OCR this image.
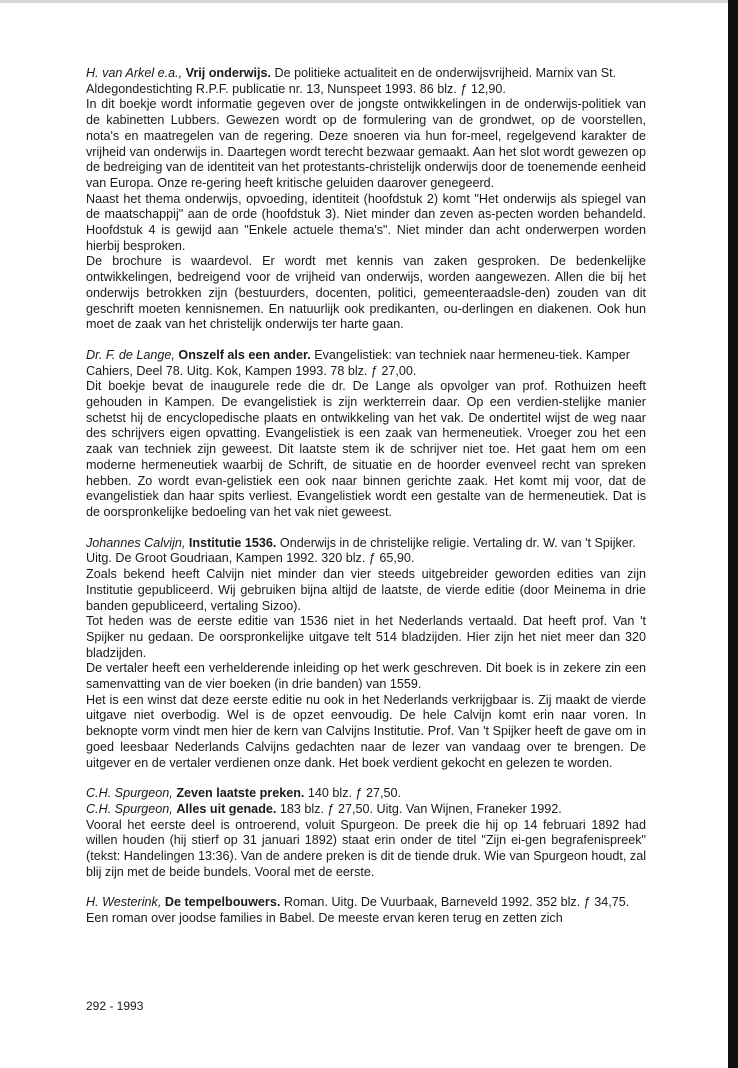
H. van Arkel e.a., Vrij onderwijs. De politieke actualiteit en de onderwijsvrijheid. Marnix van St. Aldegondestichting R.P.F. publicatie nr. 13, Nunspeet 1993. 86 blz. ƒ 12,90.

In dit boekje wordt informatie gegeven over de jongste ontwikkelingen in de onderwijs-politiek van de kabinetten Lubbers. Gewezen wordt op de formulering van de grondwet, op de voorstellen, nota's en maatregelen van de regering. Deze snoeren via hun for-meel, regelgevend karakter de vrijheid van onderwijs in. Daartegen wordt terecht bezwaar gemaakt. Aan het slot wordt gewezen op de bedreiging van de identiteit van het protestants-christelijk onderwijs door de toenemende eenheid van Europa. Onze re-gering heeft kritische geluiden daarover genegeerd.

Naast het thema onderwijs, opvoeding, identiteit (hoofdstuk 2) komt "Het onderwijs als spiegel van de maatschappij" aan de orde (hoofdstuk 3). Niet minder dan zeven as-pecten worden behandeld. Hoofdstuk 4 is gewijd aan "Enkele actuele thema's". Niet minder dan acht onderwerpen worden hierbij besproken.

De brochure is waardevol. Er wordt met kennis van zaken gesproken. De bedenkelijke ontwikkelingen, bedreigend voor de vrijheid van onderwijs, worden aangewezen. Allen die bij het onderwijs betrokken zijn (bestuurders, docenten, politici, gemeenteraadsle-den) zouden van dit geschrift moeten kennisnemen. En natuurlijk ook predikanten, ou-derlingen en diakenen. Ook hun moet de zaak van het christelijk onderwijs ter harte gaan.

Dr. F. de Lange, Onszelf als een ander. Evangelistiek: van techniek naar hermeneu-tiek. Kamper Cahiers, Deel 78. Uitg. Kok, Kampen 1993. 78 blz. ƒ 27,00.

Dit boekje bevat de inaugurele rede die dr. De Lange als opvolger van prof. Rothuizen heeft gehouden in Kampen. De evangelistiek is zijn werkterrein daar. Op een verdien-stelijke manier schetst hij de encyclopedische plaats en ontwikkeling van het vak. De ondertitel wijst de weg naar des schrijvers eigen opvatting. Evangelistiek is een zaak van hermeneutiek. Vroeger zou het een zaak van techniek zijn geweest. Dit laatste stem ik de schrijver niet toe. Het gaat hem om een moderne hermeneutiek waarbij de Schrift, de situatie en de hoorder evenveel recht van spreken hebben. Zo wordt evan-gelistiek een ook naar binnen gerichte zaak. Het komt mij voor, dat de evangelistiek dan haar spits verliest. Evangelistiek wordt een gestalte van de hermeneutiek. Dat is de oorspronkelijke bedoeling van het vak niet geweest.

Johannes Calvijn, Institutie 1536. Onderwijs in de christelijke religie. Vertaling dr. W. van 't Spijker. Uitg. De Groot Goudriaan, Kampen 1992. 320 blz. ƒ 65,90.

Zoals bekend heeft Calvijn niet minder dan vier steeds uitgebreider geworden edities van zijn Institutie gepubliceerd. Wij gebruiken bijna altijd de laatste, de vierde editie (door Meinema in drie banden gepubliceerd, vertaling Sizoo).

Tot heden was de eerste editie van 1536 niet in het Nederlands vertaald. Dat heeft prof. Van 't Spijker nu gedaan. De oorspronkelijke uitgave telt 514 bladzijden. Hier zijn het niet meer dan 320 bladzijden.

De vertaler heeft een verhelderende inleiding op het werk geschreven. Dit boek is in zekere zin een samenvatting van de vier boeken (in drie banden) van 1559.

Het is een winst dat deze eerste editie nu ook in het Nederlands verkrijgbaar is. Zij maakt de vierde uitgave niet overbodig. Wel is de opzet eenvoudig. De hele Calvijn komt erin naar voren. In beknopte vorm vindt men hier de kern van Calvijns Institutie. Prof. Van 't Spijker heeft de gave om in goed leesbaar Nederlands Calvijns gedachten naar de lezer van vandaag over te brengen. De uitgever en de vertaler verdienen onze dank. Het boek verdient gekocht en gelezen te worden.

C.H. Spurgeon, Zeven laatste preken. 140 blz. ƒ 27,50.

C.H. Spurgeon, Alles uit genade. 183 blz. ƒ 27,50. Uitg. Van Wijnen, Franeker 1992.

Vooral het eerste deel is ontroerend, voluit Spurgeon. De preek die hij op 14 februari 1892 had willen houden (hij stierf op 31 januari 1892) staat erin onder de titel "Zijn ei-gen begrafenispreek" (tekst: Handelingen 13:36). Van de andere preken is dit de tiende druk. Wie van Spurgeon houdt, zal blij zijn met de beide bundels. Vooral met de eerste.

H. Westerink, De tempelbouwers. Roman. Uitg. De Vuurbaak, Barneveld 1992. 352 blz. ƒ 34,75.

Een roman over joodse families in Babel. De meeste ervan keren terug en zetten zich

292 - 1993
